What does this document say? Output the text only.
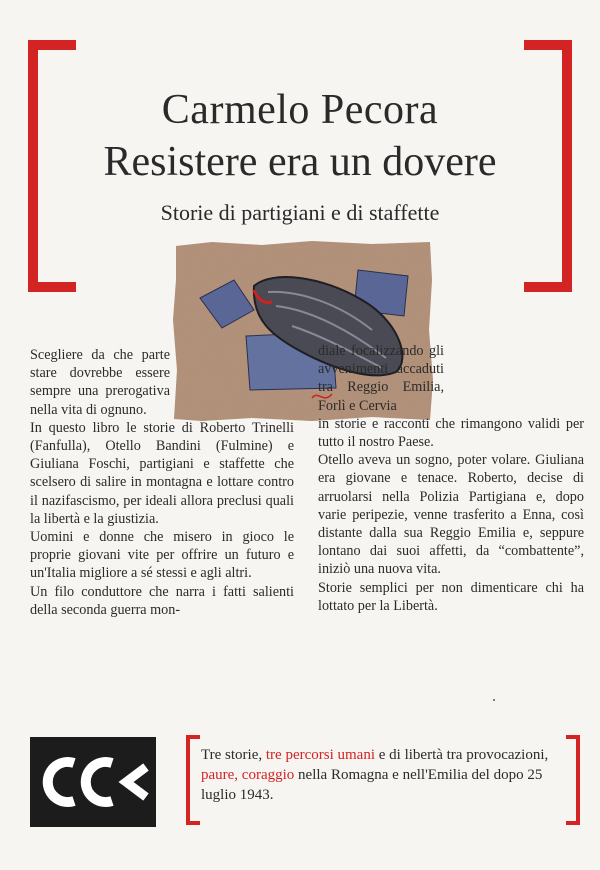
Carmelo Pecora
Resistere era un dovere
Storie di partigiani e di staffette

Scegliere da che parte stare dovrebbe essere sempre una prerogativa nella vita di ognuno.

In questo libro le storie di Roberto Trinelli (Fanfulla), Otello Bandini (Fulmine) e Giuliana Foschi, partigiani e staffette che scelsero di salire in montagna e lottare contro il nazifascismo, per ideali allora preclusi quali la libertà e la giustizia.

Uomini e donne che misero in gioco le proprie giovani vite per offrire un futuro e un'Italia migliore a sé stessi e agli altri.

Un filo conduttore che narra i fatti salienti della seconda guerra mon-

diale focalizzando gli avvenimenti accaduti tra Reggio Emilia, Forlì e Cervia

in storie e racconti che rimangono validi per tutto il nostro Paese.

Otello aveva un sogno, poter volare. Giuliana era giovane e tenace. Roberto, decise di arruolarsi nella Polizia Partigiana e, dopo varie peripezie, venne trasferito a Enna, così distante dalla sua Reggio Emilia e, seppure lontano dai suoi affetti, da “combattente”, iniziò una nuova vita.

Storie semplici per non dimenticare chi ha lottato per la Libertà.

Tre storie, tre percorsi umani e di libertà tra provocazioni, paure, coraggio nella Romagna e nell'Emilia del dopo 25 luglio 1943.
